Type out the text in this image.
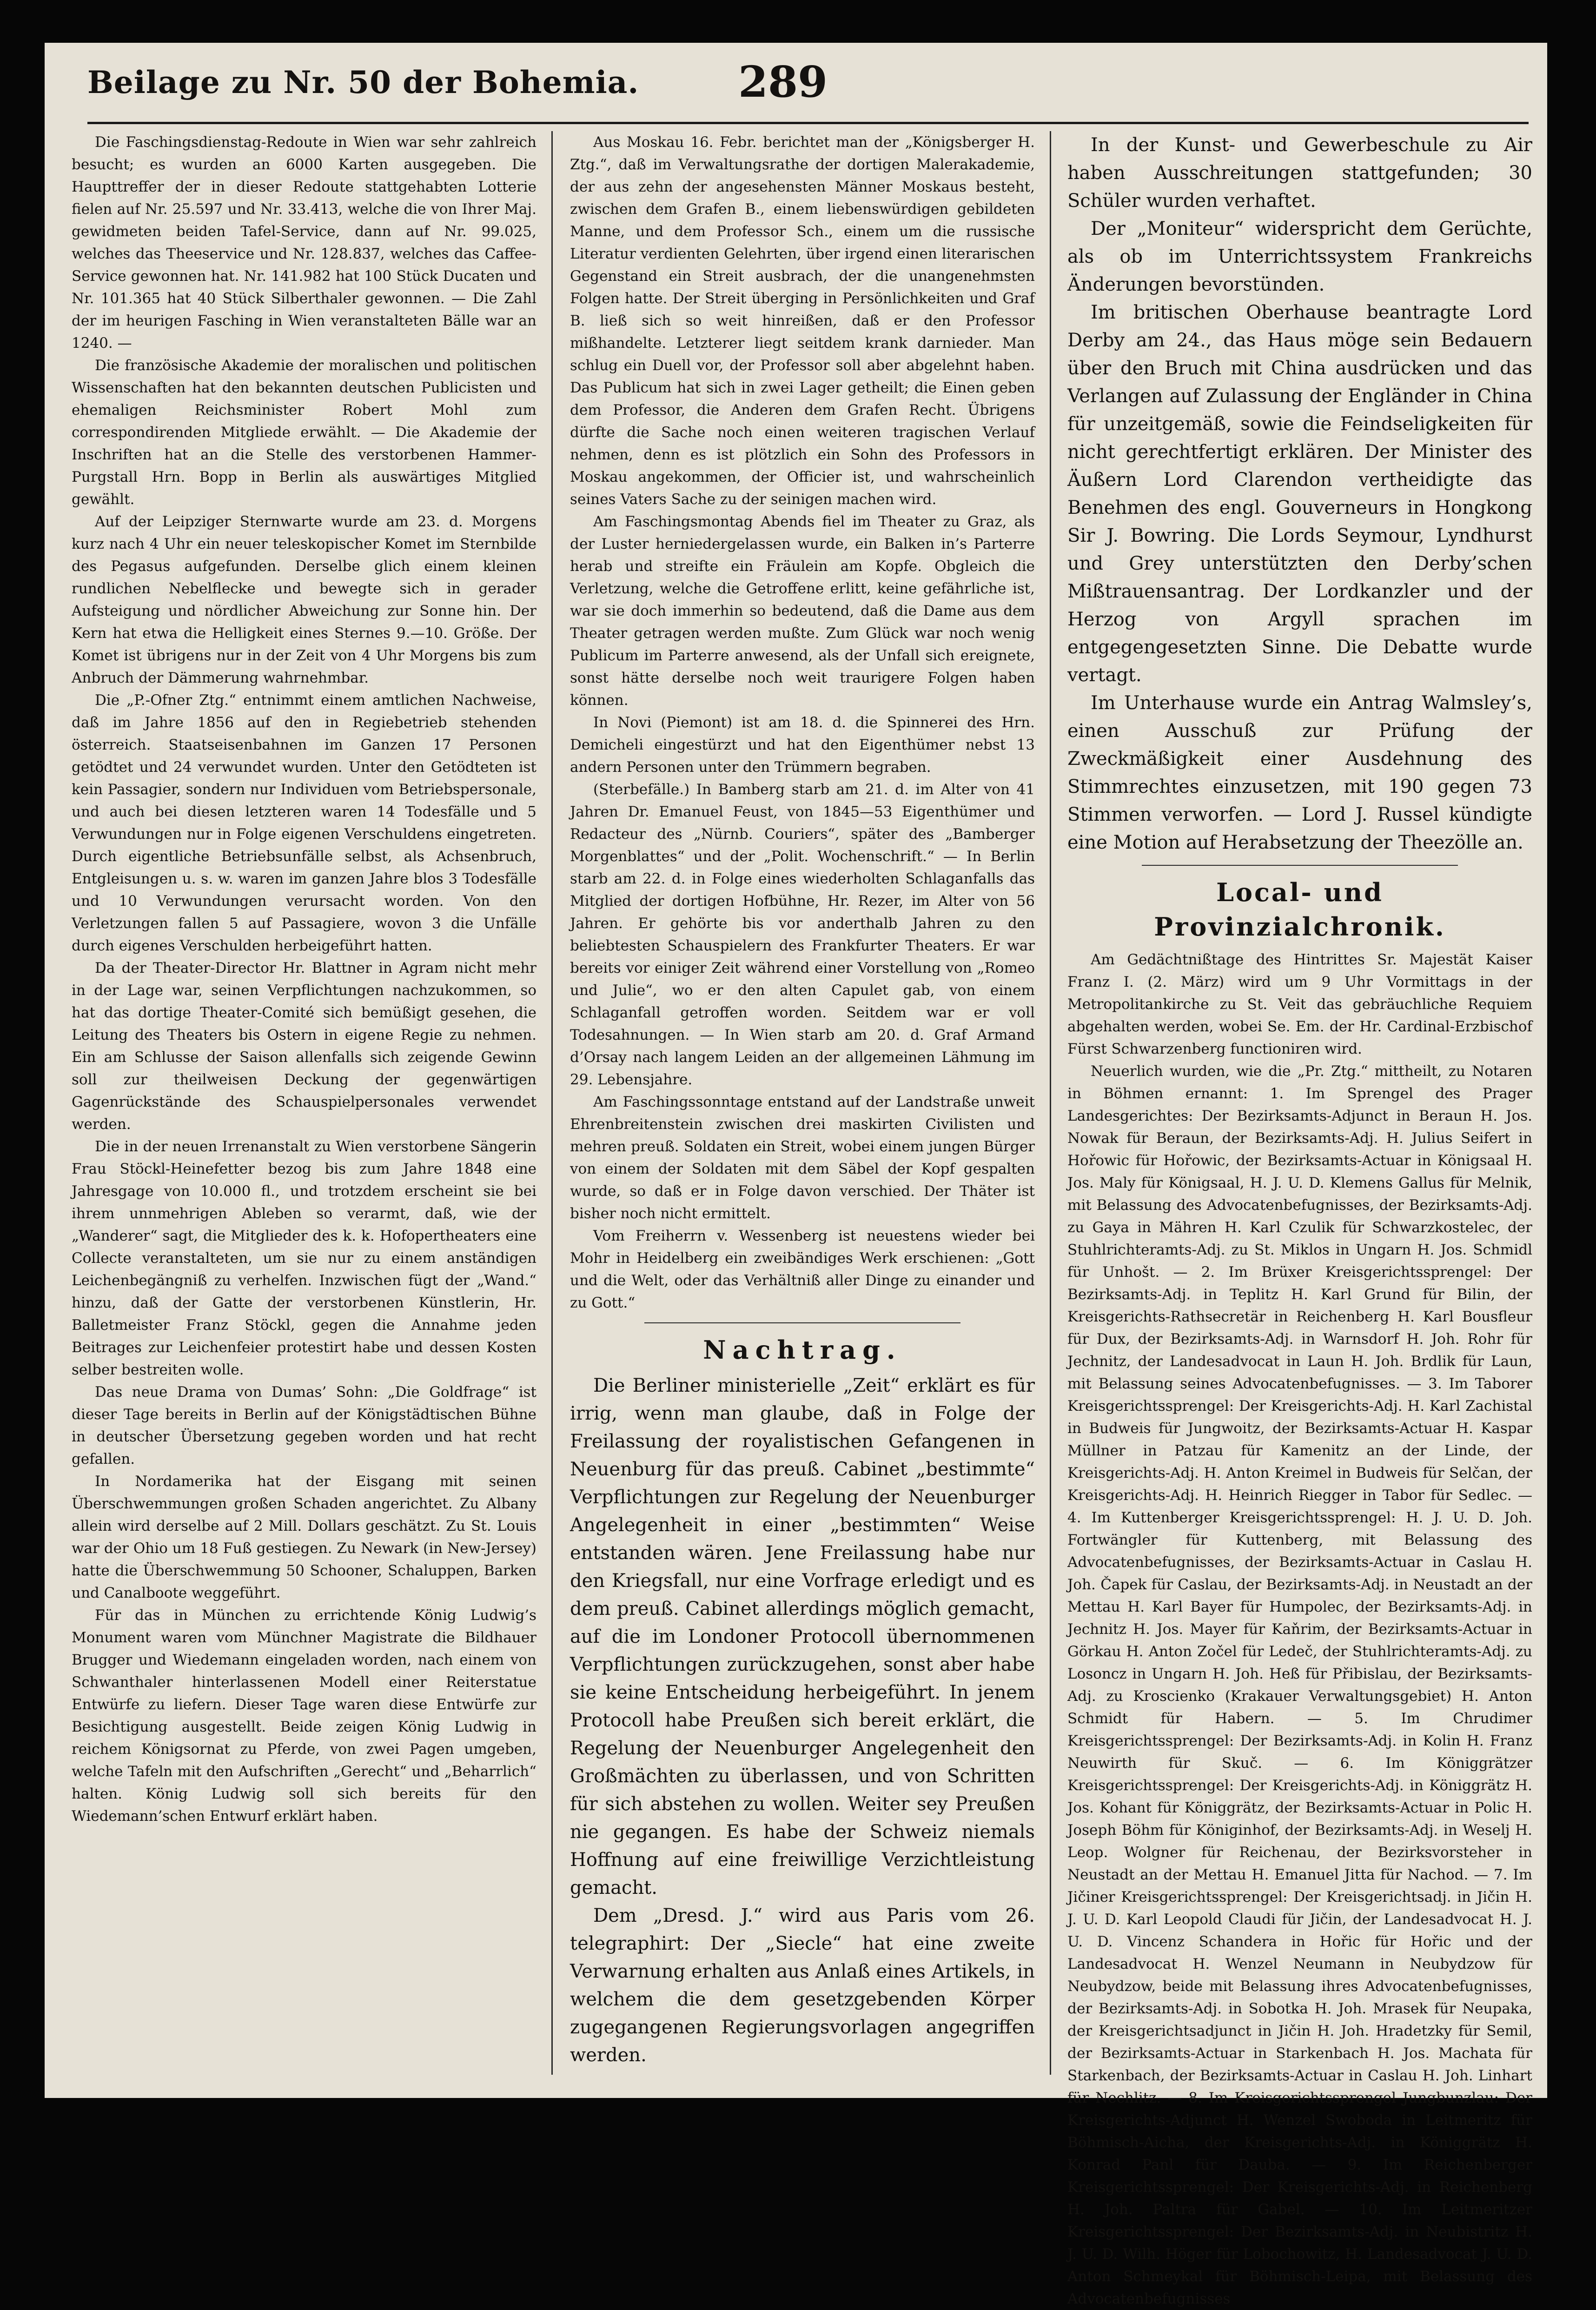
Beilage zu Nr. 50 der Bohemia. 289

Die Faschingsdienstag-Redoute in Wien war sehr zahlreich besucht; es wurden an 6000 Karten ausgegeben. Die Haupttreffer der in dieser Redoute stattgehabten Lotterie fielen auf Nr. 25.597 und Nr. 33.413, welche die von Ihrer Maj. gewidmeten beiden Tafel-Service, dann auf Nr. 99.025, welches das Theeservice und Nr. 128.837, welches das Caffee-Service gewonnen hat. Nr. 141.982 hat 100 Stück Ducaten und Nr. 101.365 hat 40 Stück Silberthaler gewonnen. — Die Zahl der im heurigen Fasching in Wien veranstalteten Bälle war an 1240. —

Die französische Akademie der moralischen und politischen Wissenschaften hat den bekannten deutschen Publicisten und ehemaligen Reichsminister Robert Mohl zum correspondirenden Mitgliede erwählt. — Die Akademie der Inschriften hat an die Stelle des verstorbenen Hammer-Purgstall Hrn. Bopp in Berlin als auswärtiges Mitglied gewählt.

Auf der Leipziger Sternwarte wurde am 23. d. Morgens kurz nach 4 Uhr ein neuer teleskopischer Komet im Sternbilde des Pegasus aufgefunden. Derselbe glich einem kleinen rundlichen Nebelflecke und bewegte sich in gerader Aufsteigung und nördlicher Abweichung zur Sonne hin. Der Kern hat etwa die Helligkeit eines Sternes 9.—10. Größe. Der Komet ist übrigens nur in der Zeit von 4 Uhr Morgens bis zum Anbruch der Dämmerung wahrnehmbar.

Die „P.-Ofner Ztg.“ entnimmt einem amtlichen Nachweise, daß im Jahre 1856 auf den in Regiebetrieb stehenden österreich. Staatseisenbahnen im Ganzen 17 Personen getödtet und 24 verwundet wurden. Unter den Getödteten ist kein Passagier, sondern nur Individuen vom Betriebspersonale, und auch bei diesen letzteren waren 14 Todesfälle und 5 Verwundungen nur in Folge eigenen Verschuldens eingetreten. Durch eigentliche Betriebsunfälle selbst, als Achsenbruch, Entgleisungen u. s. w. waren im ganzen Jahre blos 3 Todesfälle und 10 Verwundungen verursacht worden. Von den Verletzungen fallen 5 auf Passagiere, wovon 3 die Unfälle durch eigenes Verschulden herbeigeführt hatten.

Da der Theater-Director Hr. Blattner in Agram nicht mehr in der Lage war, seinen Verpflichtungen nachzukommen, so hat das dortige Theater-Comité sich bemüßigt gesehen, die Leitung des Theaters bis Ostern in eigene Regie zu nehmen. Ein am Schlusse der Saison allenfalls sich zeigende Gewinn soll zur theilweisen Deckung der gegenwärtigen Gagenrückstände des Schauspielpersonales verwendet werden.

Die in der neuen Irrenanstalt zu Wien verstorbene Sängerin Frau Stöckl-Heinefetter bezog bis zum Jahre 1848 eine Jahresgage von 10.000 fl., und trotzdem erscheint sie bei ihrem unnmehrigen Ableben so verarmt, daß, wie der „Wanderer“ sagt, die Mitglieder des k. k. Hofopertheaters eine Collecte veranstalteten, um sie nur zu einem anständigen Leichenbegängniß zu verhelfen. Inzwischen fügt der „Wand.“ hinzu, daß der Gatte der verstorbenen Künstlerin, Hr. Balletmeister Franz Stöckl, gegen die Annahme jeden Beitrages zur Leichenfeier protestirt habe und dessen Kosten selber bestreiten wolle.

Das neue Drama von Dumas’ Sohn: „Die Goldfrage“ ist dieser Tage bereits in Berlin auf der Königstädtischen Bühne in deutscher Übersetzung gegeben worden und hat recht gefallen.

In Nordamerika hat der Eisgang mit seinen Überschwemmungen großen Schaden angerichtet. Zu Albany allein wird derselbe auf 2 Mill. Dollars geschätzt. Zu St. Louis war der Ohio um 18 Fuß gestiegen. Zu Newark (in New-Jersey) hatte die Überschwemmung 50 Schooner, Schaluppen, Barken und Canalboote weggeführt.

Für das in München zu errichtende König Ludwig’s Monument waren vom Münchner Magistrate die Bildhauer Brugger und Wiedemann eingeladen worden, nach einem von Schwanthaler hinterlassenen Modell einer Reiterstatue Entwürfe zu liefern. Dieser Tage waren diese Entwürfe zur Besichtigung ausgestellt. Beide zeigen König Ludwig in reichem Königsornat zu Pferde, von zwei Pagen umgeben, welche Tafeln mit den Aufschriften „Gerecht“ und „Beharrlich“ halten. König Ludwig soll sich bereits für den Wiedemann’schen Entwurf erklärt haben.

Aus Moskau 16. Febr. berichtet man der „Königsberger H. Ztg.“, daß im Verwaltungsrathe der dortigen Malerakademie, der aus zehn der angesehensten Männer Moskaus besteht, zwischen dem Grafen B., einem liebenswürdigen gebildeten Manne, und dem Professor Sch., einem um die russische Literatur verdienten Gelehrten, über irgend einen literarischen Gegenstand ein Streit ausbrach, der die unangenehmsten Folgen hatte. Der Streit überging in Persönlichkeiten und Graf B. ließ sich so weit hinreißen, daß er den Professor mißhandelte. Letzterer liegt seitdem krank darnieder. Man schlug ein Duell vor, der Professor soll aber abgelehnt haben. Das Publicum hat sich in zwei Lager getheilt; die Einen geben dem Professor, die Anderen dem Grafen Recht. Übrigens dürfte die Sache noch einen weiteren tragischen Verlauf nehmen, denn es ist plötzlich ein Sohn des Professors in Moskau angekommen, der Officier ist, und wahrscheinlich seines Vaters Sache zu der seinigen machen wird.

Am Faschingsmontag Abends fiel im Theater zu Graz, als der Luster herniedergelassen wurde, ein Balken in’s Parterre herab und streifte ein Fräulein am Kopfe. Obgleich die Verletzung, welche die Getroffene erlitt, keine gefährliche ist, war sie doch immerhin so bedeutend, daß die Dame aus dem Theater getragen werden mußte. Zum Glück war noch wenig Publicum im Parterre anwesend, als der Unfall sich ereignete, sonst hätte derselbe noch weit traurigere Folgen haben können.

In Novi (Piemont) ist am 18. d. die Spinnerei des Hrn. Demicheli eingestürzt und hat den Eigenthümer nebst 13 andern Personen unter den Trümmern begraben.

(Sterbefälle.) In Bamberg starb am 21. d. im Alter von 41 Jahren Dr. Emanuel Feust, von 1845—53 Eigenthümer und Redacteur des „Nürnb. Couriers“, später des „Bamberger Morgenblattes“ und der „Polit. Wochenschrift.“ — In Berlin starb am 22. d. in Folge eines wiederholten Schlaganfalls das Mitglied der dortigen Hofbühne, Hr. Rezer, im Alter von 56 Jahren. Er gehörte bis vor anderthalb Jahren zu den beliebtesten Schauspielern des Frankfurter Theaters. Er war bereits vor einiger Zeit während einer Vorstellung von „Romeo und Julie“, wo er den alten Capulet gab, von einem Schlaganfall getroffen worden. Seitdem war er voll Todesahnungen. — In Wien starb am 20. d. Graf Armand d’Orsay nach langem Leiden an der allgemeinen Lähmung im 29. Lebensjahre.

Am Faschingssonntage entstand auf der Landstraße unweit Ehrenbreitenstein zwischen drei maskirten Civilisten und mehren preuß. Soldaten ein Streit, wobei einem jungen Bürger von einem der Soldaten mit dem Säbel der Kopf gespalten wurde, so daß er in Folge davon verschied. Der Thäter ist bisher noch nicht ermittelt.

Vom Freiherrn v. Wessenberg ist neuestens wieder bei Mohr in Heidelberg ein zweibändiges Werk erschienen: „Gott und die Welt, oder das Verhältniß aller Dinge zu einander und zu Gott.“

Nachtrag.

Die Berliner ministerielle „Zeit“ erklärt es für irrig, wenn man glaube, daß in Folge der Freilassung der royalistischen Gefangenen in Neuenburg für das preuß. Cabinet „bestimmte“ Verpflichtungen zur Regelung der Neuenburger Angelegenheit in einer „bestimmten“ Weise entstanden wären. Jene Freilassung habe nur den Kriegsfall, nur eine Vorfrage erledigt und es dem preuß. Cabinet allerdings möglich gemacht, auf die im Londoner Protocoll übernommenen Verpflichtungen zurückzugehen, sonst aber habe sie keine Entscheidung herbeigeführt. In jenem Protocoll habe Preußen sich bereit erklärt, die Regelung der Neuenburger Angelegenheit den Großmächten zu überlassen, und von Schritten für sich abstehen zu wollen. Weiter sey Preußen nie gegangen. Es habe der Schweiz niemals Hoffnung auf eine freiwillige Verzichtleistung gemacht.

Dem „Dresd. J.“ wird aus Paris vom 26. telegraphirt: Der „Siecle“ hat eine zweite Verwarnung erhalten aus Anlaß eines Artikels, in welchem die dem gesetzgebenden Körper zugegangenen Regierungsvorlagen angegriffen werden.

In der Kunst- und Gewerbeschule zu Air haben Ausschreitungen stattgefunden; 30 Schüler wurden verhaftet.

Der „Moniteur“ widerspricht dem Gerüchte, als ob im Unterrichtssystem Frankreichs Änderungen bevorstünden.

Im britischen Oberhause beantragte Lord Derby am 24., das Haus möge sein Bedauern über den Bruch mit China ausdrücken und das Verlangen auf Zulassung der Engländer in China für unzeitgemäß, sowie die Feindseligkeiten für nicht gerechtfertigt erklären. Der Minister des Äußern Lord Clarendon vertheidigte das Benehmen des engl. Gouverneurs in Hongkong Sir J. Bowring. Die Lords Seymour, Lyndhurst und Grey unterstützten den Derby’schen Mißtrauensantrag. Der Lordkanzler und der Herzog von Argyll sprachen im entgegengesetzten Sinne. Die Debatte wurde vertagt.

Im Unterhause wurde ein Antrag Walmsley’s, einen Ausschuß zur Prüfung der Zweckmäßigkeit einer Ausdehnung des Stimmrechtes einzusetzen, mit 190 gegen 73 Stimmen verworfen. — Lord J. Russel kündigte eine Motion auf Herabsetzung der Theezölle an.

Local- und Provinzialchronik.

Am Gedächtnißtage des Hintrittes Sr. Majestät Kaiser Franz I. (2. März) wird um 9 Uhr Vormittags in der Metropolitankirche zu St. Veit das gebräuchliche Requiem abgehalten werden, wobei Se. Em. der Hr. Cardinal-Erzbischof Fürst Schwarzenberg functioniren wird.

Neuerlich wurden, wie die „Pr. Ztg.“ mittheilt, zu Notaren in Böhmen ernannt: 1. Im Sprengel des Prager Landesgerichtes: Der Bezirksamts-Adjunct in Beraun H. Jos. Nowak für Beraun, der Bezirksamts-Adj. H. Julius Seifert in Hořowic für Hořowic, der Bezirksamts-Actuar in Königsaal H. Jos. Maly für Königsaal, H. J. U. D. Klemens Gallus für Melnik, mit Belassung des Advocatenbefugnisses, der Bezirksamts-Adj. zu Gaya in Mähren H. Karl Czulik für Schwarzkostelec, der Stuhlrichteramts-Adj. zu St. Miklos in Ungarn H. Jos. Schmidl für Unhošt. — 2. Im Brüxer Kreisgerichtssprengel: Der Bezirksamts-Adj. in Teplitz H. Karl Grund für Bilin, der Kreisgerichts-Rathsecretär in Reichenberg H. Karl Bousfleur für Dux, der Bezirksamts-Adj. in Warnsdorf H. Joh. Rohr für Jechnitz, der Landesadvocat in Laun H. Joh. Brdlik für Laun, mit Belassung seines Advocatenbefugnisses. — 3. Im Taborer Kreisgerichtssprengel: Der Kreisgerichts-Adj. H. Karl Zachistal in Budweis für Jungwoitz, der Bezirksamts-Actuar H. Kaspar Müllner in Patzau für Kamenitz an der Linde, der Kreisgerichts-Adj. H. Anton Kreimel in Budweis für Selčan, der Kreisgerichts-Adj. H. Heinrich Riegger in Tabor für Sedlec. — 4. Im Kuttenberger Kreisgerichtssprengel: H. J. U. D. Joh. Fortwängler für Kuttenberg, mit Belassung des Advocatenbefugnisses, der Bezirksamts-Actuar in Caslau H. Joh. Čapek für Caslau, der Bezirksamts-Adj. in Neustadt an der Mettau H. Karl Bayer für Humpolec, der Bezirksamts-Adj. in Jechnitz H. Jos. Mayer für Kaňrim, der Bezirksamts-Actuar in Görkau H. Anton Zočel für Ledeč, der Stuhlrichteramts-Adj. zu Losoncz in Ungarn H. Joh. Heß für Přibislau, der Bezirksamts-Adj. zu Kroscienko (Krakauer Verwaltungsgebiet) H. Anton Schmidt für Habern. — 5. Im Chrudimer Kreisgerichtssprengel: Der Bezirksamts-Adj. in Kolin H. Franz Neuwirth für Skuč. — 6. Im Königgrätzer Kreisgerichtssprengel: Der Kreisgerichts-Adj. in Königgrätz H. Jos. Kohant für Königgrätz, der Bezirksamts-Actuar in Polic H. Joseph Böhm für Königinhof, der Bezirksamts-Adj. in Weselj H. Leop. Wolgner für Reichenau, der Bezirksvorsteher in Neustadt an der Mettau H. Emanuel Jitta für Nachod. — 7. Im Jičiner Kreisgerichtssprengel: Der Kreisgerichtsadj. in Jičin H. J. U. D. Karl Leopold Claudi für Jičin, der Landesadvocat H. J. U. D. Vincenz Schandera in Hořic für Hořic und der Landesadvocat H. Wenzel Neumann in Neubydzow für Neubydzow, beide mit Belassung ihres Advocatenbefugnisses, der Bezirksamts-Adj. in Sobotka H. Joh. Mrasek für Neupaka, der Kreisgerichtsadjunct in Jičin H. Joh. Hradetzky für Semil, der Bezirksamts-Actuar in Starkenbach H. Jos. Machata für Starkenbach, der Bezirksamts-Actuar in Caslau H. Joh. Linhart für Nechlitz. — 8. Im Kreisgerichtssprengel Jungbunzlau: Der Kreisgerichts-Adjunct H. Wenzel Swoboda in Leitmeritz für Böhmisch-Aicha, der Kreisgerichts-Adj. in Königgrätz H. Konrad Panl für Dauba. — 9. Im Reichenberger Kreisgerichtssprengel: Der Kreisgerichts-Adj. in Reichenberg H. Joh. Paltra für Gabel. — 10. Im Leitmeritzer Kreisgerichtssprengel: Der Bezirksamts-Adj. in Neubistritz H. J. U. D. Wilh. Höger für Lobochowitz, H. Landesadvocat J. U. D. Anton Schmeykal für Böhmisch-Leipa, mit Belassung des Advocatenbefugnisses
